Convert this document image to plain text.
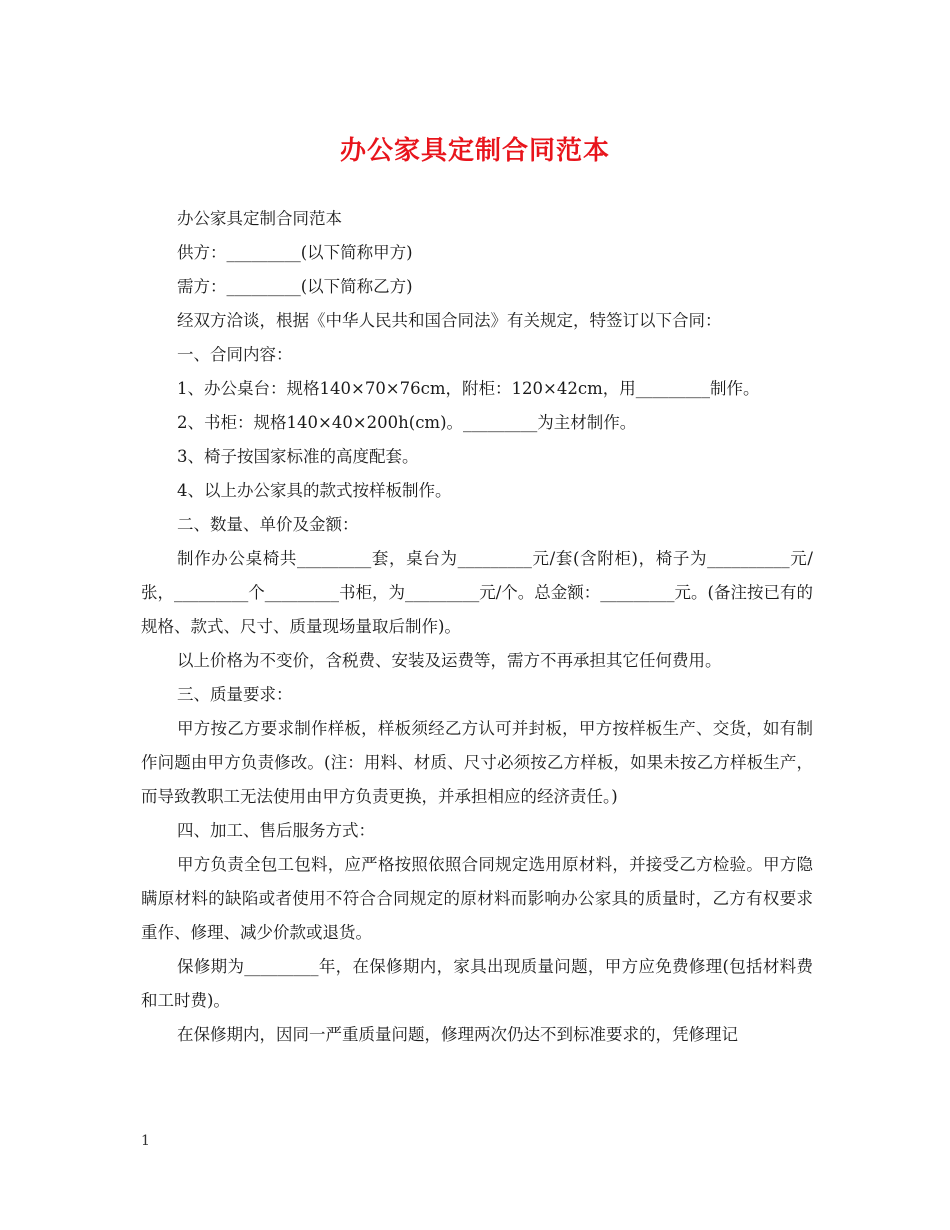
办公家具定制合同范本

办公家具定制合同范本

供方：_________(以下简称甲方)

需方：_________(以下简称乙方)

经双方洽谈，根据《中华人民共和国合同法》有关规定，特签订以下合同：

一、合同内容：

1、办公桌台：规格140×70×76cm，附柜：120×42cm，用_________制作。

2、书柜：规格140×40×200h(cm)。_________为主材制作。

3、椅子按国家标准的高度配套。

4、以上办公家具的款式按样板制作。

二、数量、单价及金额：

制作办公桌椅共_________套，桌台为_________元/套(含附柜)，椅子为__________元/张，_________个_________书柜，为_________元/个。总金额：_________元。(备注按已有的规格、款式、尺寸、质量现场量取后制作)。

以上价格为不变价，含税费、安装及运费等，需方不再承担其它任何费用。

三、质量要求：

甲方按乙方要求制作样板，样板须经乙方认可并封板，甲方按样板生产、交货，如有制作问题由甲方负责修改。(注：用料、材质、尺寸必须按乙方样板，如果未按乙方样板生产，而导致教职工无法使用由甲方负责更换，并承担相应的经济责任。)

四、加工、售后服务方式：

甲方负责全包工包料，应严格按照依照合同规定选用原材料，并接受乙方检验。甲方隐瞒原材料的缺陷或者使用不符合合同规定的原材料而影响办公家具的质量时，乙方有权要求重作、修理、减少价款或退货。

保修期为_________年，在保修期内，家具出现质量问题，甲方应免费修理(包括材料费和工时费)。

在保修期内，因同一严重质量问题，修理两次仍达不到标准要求的，凭修理记

1
